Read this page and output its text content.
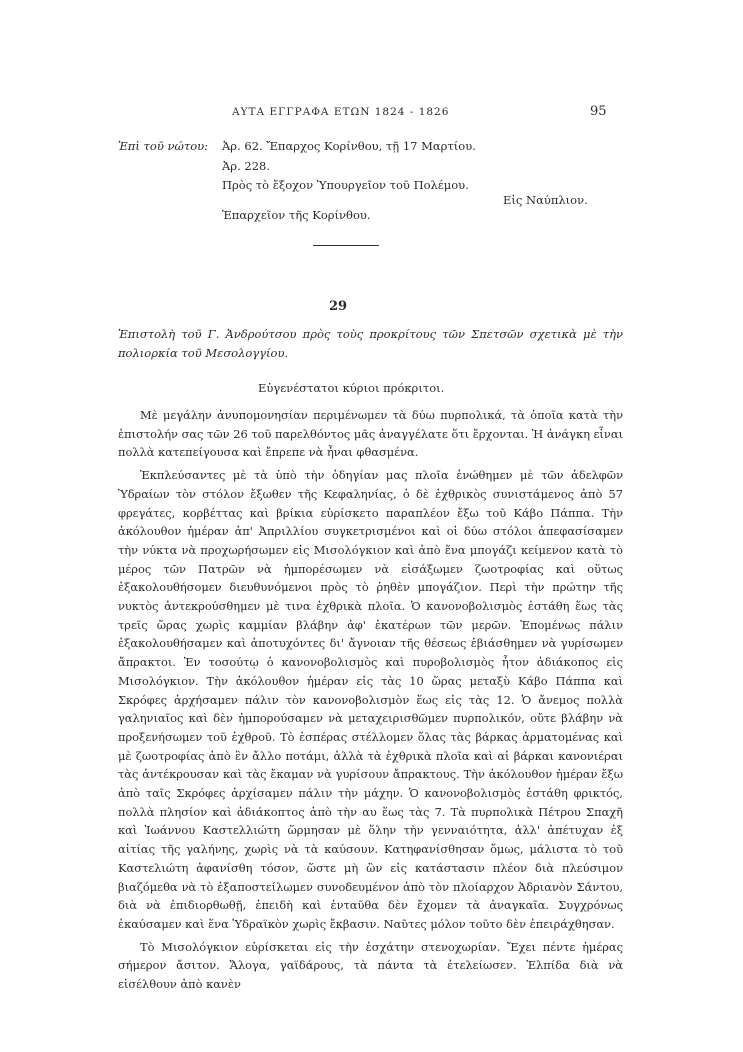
ΑΥΤΑ ΕΓΓΡΑΦΑ ΕΤΩΝ 1824 - 1826	95
Ἐπὶ τοῦ νώτου: Ἀρ. 62. Ἔπαρχος Κορίνθου, τῇ 17 Μαρτίου.
Ἀρ. 228.
Πρὸς τὸ ἔξοχον Ὑπουργεῖον τοῦ Πολέμου.
Εἰς Ναύπλιον.
Ἐπαρχεῖον τῆς Κορίνθου.
29
Ἐπιστολὴ τοῦ Γ. Ἀνδρούτσου πρὸς τοὺς προκρίτους τῶν Σπετσῶν σχετικὰ μὲ τὴν πολιορκία τοῦ Μεσολογγίου.
Εὐγενέστατοι κύριοι πρόκριτοι.

Μὲ μεγάλην ἀνυπομονησίαν περιμένωμεν τὰ δύω πυρπολικά, τὰ ὁποῖα κατὰ τὴν ἐπιστολήν σας τῶν 26 τοῦ παρελθόντος μᾶς ἀναγγέλατε ὅτι ἔρχονται. Ἡ ἀνάγκη εἶναι πολλὰ κατεπείγουσα καὶ ἔπρεπε νὰ ἦναι φθασμένα.

Ἐκπλεύσαντες μὲ τὰ ὑπὸ τὴν ὁδηγίαν μας πλοῖα ἑνώθημεν μὲ τῶν ἀδελφῶν Ὑδραίων τὸν στόλον ἔξωθεν τῆς Κεφαληνίας, ὁ δὲ ἐχθρικὸς συνιστάμενος ἀπὸ 57 φρεγάτες, κορβέττας καὶ βρίκια εὑρίσκετο παραπλέον ἔξω τοῦ Κάβο Πάππα. Τὴν ἀκόλουθον ἡμέραν ἀπ' Ἀπριλλίου συγκετρισμένοι καὶ οἱ δύω στόλοι ἀπεφασίσαμεν τὴν νύκτα νὰ προχωρήσωμεν εἰς Μισολόγκιον καὶ ἀπὸ ἕνα μπογάζι κείμενον κατὰ τὸ μέρος τῶν Πατρῶν νὰ ἠμπορέσωμεν νὰ εἰσάξωμεν ζωοτροφίας καὶ οὕτως ἐξακολουθήσομεν διευθυνόμενοι πρὸς τὸ ῥηθὲν μπογάζιον. Περὶ τὴν πρώτην τῆς νυκτὸς ἀντεκρούσθημεν μὲ τινα ἐχθρικὰ πλοῖα. Ὁ κανονοβολισμὸς ἐστάθη ἕως τὰς τρεῖς ὥρας χωρὶς καμμίαν βλάβην ἀφ' ἑκατέρων τῶν μερῶν. Ἐπομένως πάλιν ἐξακολουθήσαμεν καὶ ἀποτυχόντες δι' ἄγνοιαν τῆς θέσεως ἐβιάσθημεν νὰ γυρίσωμεν ἄπρακτοι. Ἐν τοσούτῳ ὁ κανονοβολισμὸς καὶ πυροβολισμὸς ἦτον ἀδιάκοπος εἰς Μισολόγκιον. Τὴν ἀκόλουθον ἡμέραν εἰς τὰς 10 ὥρας μεταξὺ Κάβο Πάππα καὶ Σκρόφες ἀρχήσαμεν πάλιν τὸν κανονοβολισμὸν ἕως εἰς τὰς 12. Ὁ ἄνεμος πολλὰ γαληνιαῖος καὶ δὲν ἠμπορούσαμεν νὰ μεταχειρισθῶμεν πυρπολικόν, οὔτε βλάβην νὰ προξενήσωμεν τοῦ ἐχθροῦ. Τὸ ἑσπέρας στέλλομεν ὅλας τὰς βάρκας ἁρματομένας καὶ μὲ ζωοτροφίας ἀπὸ ἓν ἄλλο ποτάμι, ἀλλὰ τὰ ἐχθρικὰ πλοῖα καὶ αἱ βάρκαι κανονιέραι τὰς ἀντέκρουσαν καὶ τὰς ἔκαμαν νὰ γυρίσουν ἄπρακτους. Τὴν ἀκόλουθον ἡμέραν ἔξω ἀπὸ ταῖς Σκρόφες ἀρχίσαμεν πάλιν τὴν μάχην. Ὁ κανονοβολισμὸς ἐστάθη φρικτός, πολλὰ πλησίον καὶ ἀδιάκοπτος ἀπὸ τὴν αυ ἕως τὰς 7. Τὰ πυρπολικὰ Πέτρου Σπαχῆ καὶ Ἰωάννου Καστελλιώτη ὥρμησαν μὲ ὅλην τὴν γενναιότητα, ἀλλ' ἀπέτυχαν ἐξ αἰτίας τῆς γαλήνης, χωρὶς νὰ τὰ καύσουν. Κατηφανίσθησαν ὅμως, μάλιστα τὸ τοῦ Καστελιώτη ἀφανίσθη τόσον, ὥστε μὴ ὢν εἰς κατάστασιν πλέον διὰ πλεύσιμον βιαζόμεθα νὰ τὸ ἐξαποστείλωμεν συνοδευμένον ἀπὸ τὸν πλοίαρχον Ἀδριανὸν Σάντου, διὰ νὰ ἐπιδιορθωθῇ, ἐπειδὴ καὶ ἐνταῦθα δὲν ἔχομεν τὰ ἀναγκαῖα. Συγχρόνως ἐκαύσαμεν καὶ ἕνα Ὑδραϊκὸν χωρὶς ἔκβασιν. Ναῦτες μόλον τοῦτο δὲν ἐπειράχθησαν.

Τὸ Μισολόγκιον εὑρίσκεται εἰς τὴν ἐσχάτην στενοχωρίαν. Ἔχει πέντε ἡμέρας σήμερον ἄσιτον. Ἄλογα, γαϊδάρους, τὰ πάντα τὰ ἐτελείωσεν. Ἐλπίδα διὰ νὰ εἰσέλθουν ἀπὸ κανὲν
